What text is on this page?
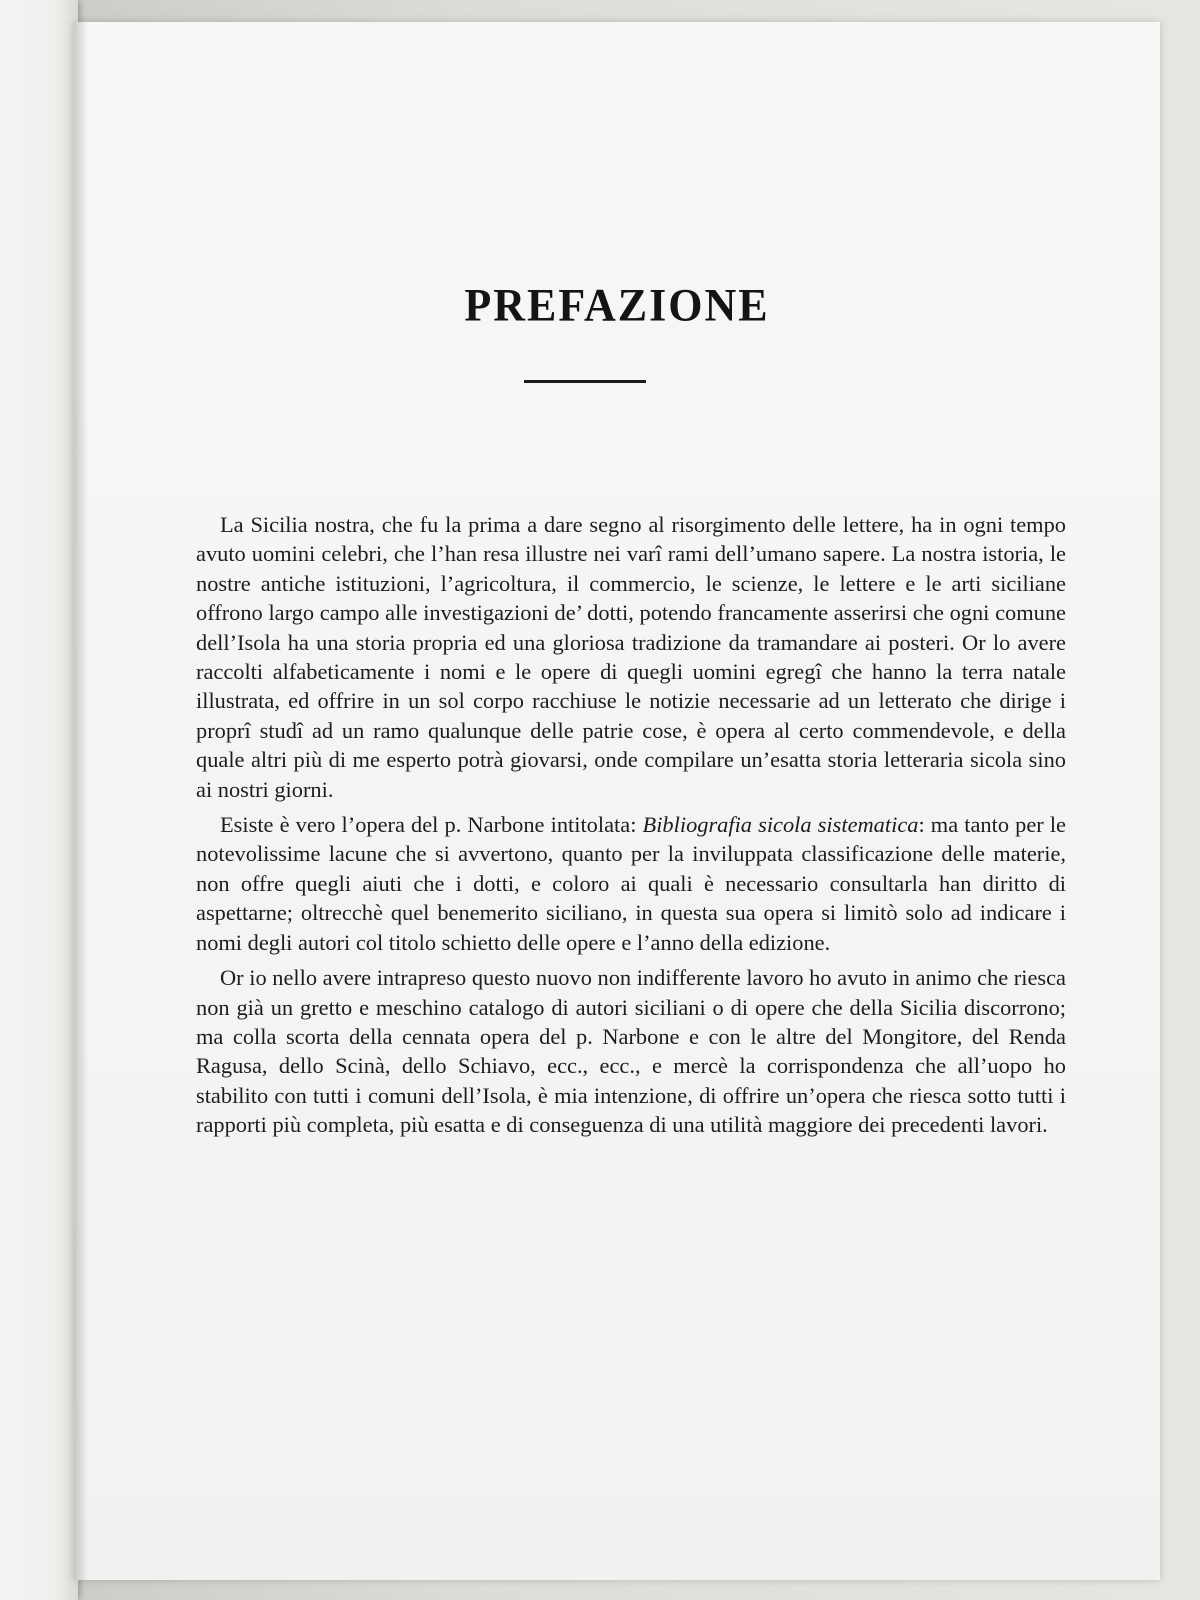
PREFAZIONE

La Sicilia nostra, che fu la prima a dare segno al risorgimento delle lettere, ha in ogni tempo avuto uomini celebri, che l’han resa illustre nei varî rami dell’umano sapere. La nostra istoria, le nostre antiche istituzioni, l’agricoltura, il commercio, le scienze, le lettere e le arti siciliane offrono largo campo alle investigazioni de’ dotti, potendo francamente asserirsi che ogni comune dell’Isola ha una storia propria ed una gloriosa tradizione da tramandare ai posteri. Or lo avere raccolti alfabeticamente i nomi e le opere di quegli uomini egregî che hanno la terra natale illustrata, ed offrire in un sol corpo racchiuse le notizie necessarie ad un letterato che dirige i proprî studî ad un ramo qualunque delle patrie cose, è opera al certo commendevole, e della quale altri più di me esperto potrà giovarsi, onde compilare un’esatta storia letteraria sicola sino ai nostri giorni.

Esiste è vero l’opera del p. Narbone intitolata: Bibliografia sicola sistematica: ma tanto per le notevolissime lacune che si avvertono, quanto per la inviluppata classificazione delle materie, non offre quegli aiuti che i dotti, e coloro ai quali è necessario consultarla han diritto di aspettarne; oltrecchè quel benemerito siciliano, in questa sua opera si limitò solo ad indicare i nomi degli autori col titolo schietto delle opere e l’anno della edizione.

Or io nello avere intrapreso questo nuovo non indifferente lavoro ho avuto in animo che riesca non già un gretto e meschino catalogo di autori siciliani o di opere che della Sicilia discorrono; ma colla scorta della cennata opera del p. Narbone e con le altre del Mongitore, del Renda Ragusa, dello Scinà, dello Schiavo, ecc., ecc., e mercè la corrispondenza che all’uopo ho stabilito con tutti i comuni dell’Isola, è mia intenzione, di offrire un’opera che riesca sotto tutti i rapporti più completa, più esatta e di conseguenza di una utilità maggiore dei precedenti lavori.
